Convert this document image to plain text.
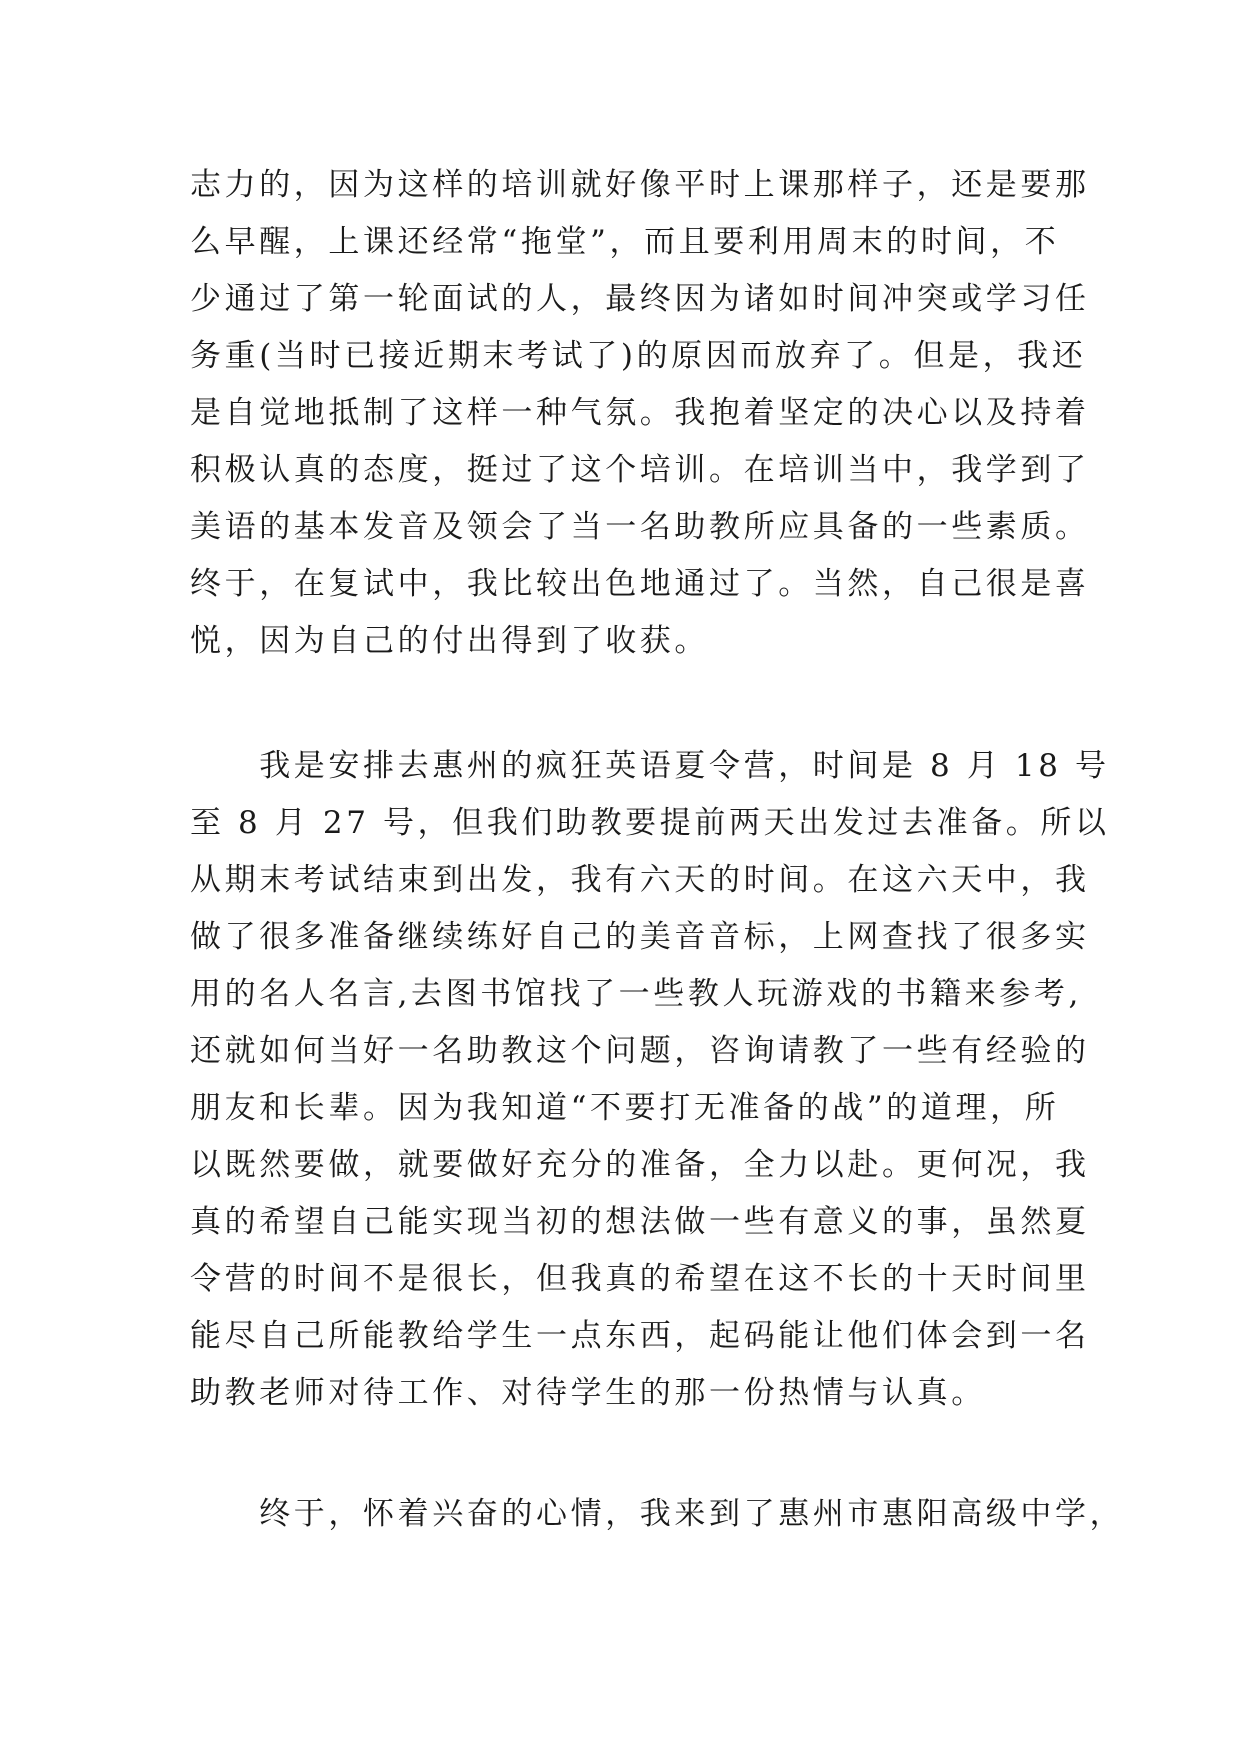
志力的，因为这样的培训就好像平时上课那样子，还是要那
么早醒，上课还经常“拖堂”，而且要利用周末的时间，不
少通过了第一轮面试的人，最终因为诸如时间冲突或学习任
务重(当时已接近期末考试了)的原因而放弃了。但是，我还
是自觉地抵制了这样一种气氛。我抱着坚定的决心以及持着
积极认真的态度，挺过了这个培训。在培训当中，我学到了
美语的基本发音及领会了当一名助教所应具备的一些素质。
终于，在复试中，我比较出色地通过了。当然，自己很是喜
悦，因为自己的付出得到了收获。
　　我是安排去惠州的疯狂英语夏令营，时间是 8 月 18 号
至 8 月 27 号，但我们助教要提前两天出发过去准备。所以
从期末考试结束到出发，我有六天的时间。在这六天中，我
做了很多准备继续练好自己的美音音标，上网查找了很多实
用的名人名言,去图书馆找了一些教人玩游戏的书籍来参考,
还就如何当好一名助教这个问题，咨询请教了一些有经验的
朋友和长辈。因为我知道“不要打无准备的战”的道理，所
以既然要做，就要做好充分的准备，全力以赴。更何况，我
真的希望自己能实现当初的想法做一些有意义的事，虽然夏
令营的时间不是很长，但我真的希望在这不长的十天时间里
能尽自己所能教给学生一点东西，起码能让他们体会到一名
助教老师对待工作、对待学生的那一份热情与认真。
　　终于，怀着兴奋的心情，我来到了惠州市惠阳高级中学，
